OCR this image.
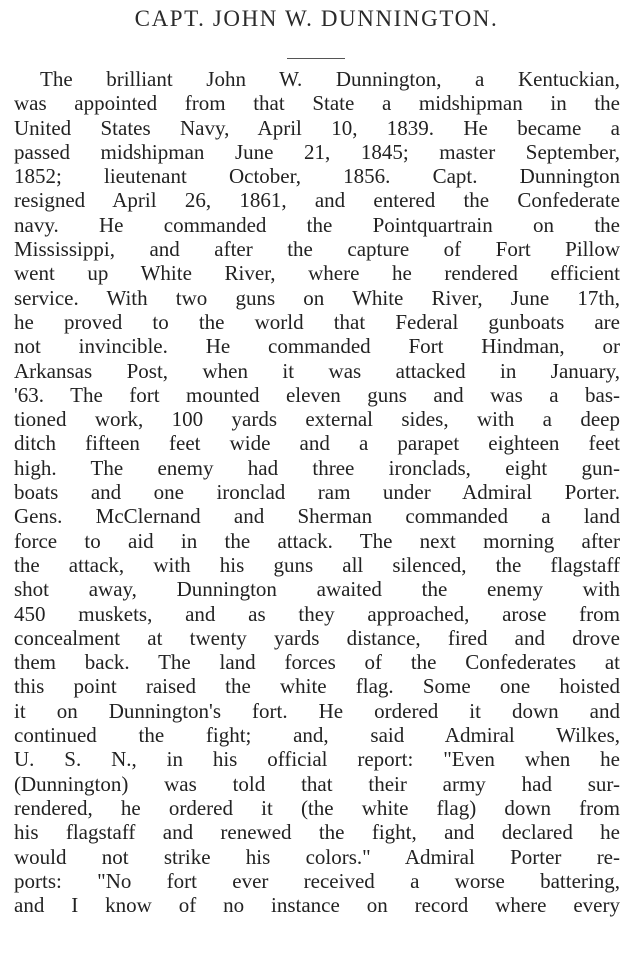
CAPT. JOHN W. DUNNINGTON.
The brilliant John W. Dunnington, a Kentuckian,
was appointed from that State a midshipman in the
United States Navy, April 10, 1839. He became a
passed midshipman June 21, 1845; master September,
1852; lieutenant October, 1856. Capt. Dunnington
resigned April 26, 1861, and entered the Confederate
navy. He commanded the Pointquartrain on the
Mississippi, and after the capture of Fort Pillow
went up White River, where he rendered efficient
service. With two guns on White River, June 17th,
he proved to the world that Federal gunboats are
not invincible. He commanded Fort Hindman, or
Arkansas Post, when it was attacked in January,
'63. The fort mounted eleven guns and was a bas-
tioned work, 100 yards external sides, with a deep
ditch fifteen feet wide and a parapet eighteen feet
high. The enemy had three ironclads, eight gun-
boats and one ironclad ram under Admiral Porter.
Gens. McClernand and Sherman commanded a land
force to aid in the attack. The next morning after
the attack, with his guns all silenced, the flagstaff
shot away, Dunnington awaited the enemy with
450 muskets, and as they approached, arose from
concealment at twenty yards distance, fired and drove
them back. The land forces of the Confederates at
this point raised the white flag. Some one hoisted
it on Dunnington's fort. He ordered it down and
continued the fight; and, said Admiral Wilkes,
U. S. N., in his official report: "Even when he
(Dunnington) was told that their army had sur-
rendered, he ordered it (the white flag) down from
his flagstaff and renewed the fight, and declared he
would not strike his colors." Admiral Porter re-
ports: "No fort ever received a worse battering,
and I know of no instance on record where every
